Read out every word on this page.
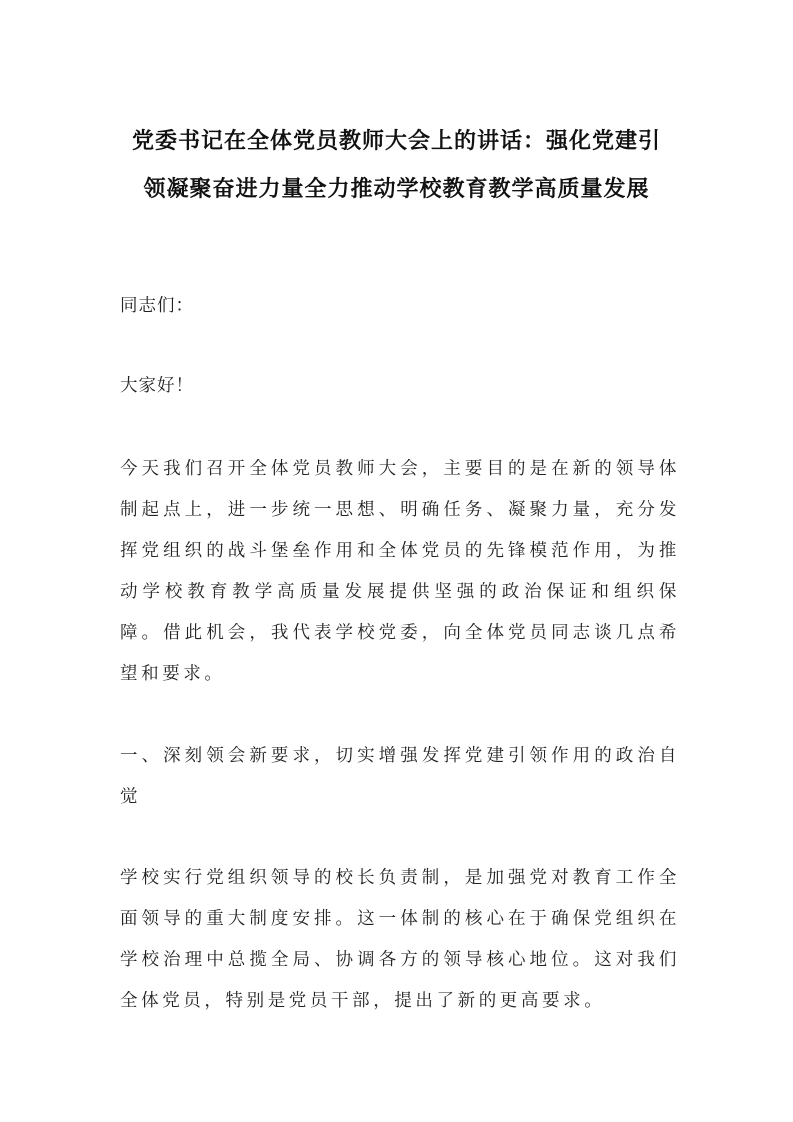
党委书记在全体党员教师大会上的讲话：强化党建引
领凝聚奋进力量全力推动学校教育教学高质量发展
同志们：
大家好！
今天我们召开全体党员教师大会，主要目的是在新的领导体制起点上，进一步统一思想、明确任务、凝聚力量，充分发挥党组织的战斗堡垒作用和全体党员的先锋模范作用，为推动学校教育教学高质量发展提供坚强的政治保证和组织保障。借此机会，我代表学校党委，向全体党员同志谈几点希望和要求。
一、深刻领会新要求，切实增强发挥党建引领作用的政治自觉
学校实行党组织领导的校长负责制，是加强党对教育工作全面领导的重大制度安排。这一体制的核心在于确保党组织在学校治理中总揽全局、协调各方的领导核心地位。这对我们全体党员，特别是党员干部，提出了新的更高要求。
